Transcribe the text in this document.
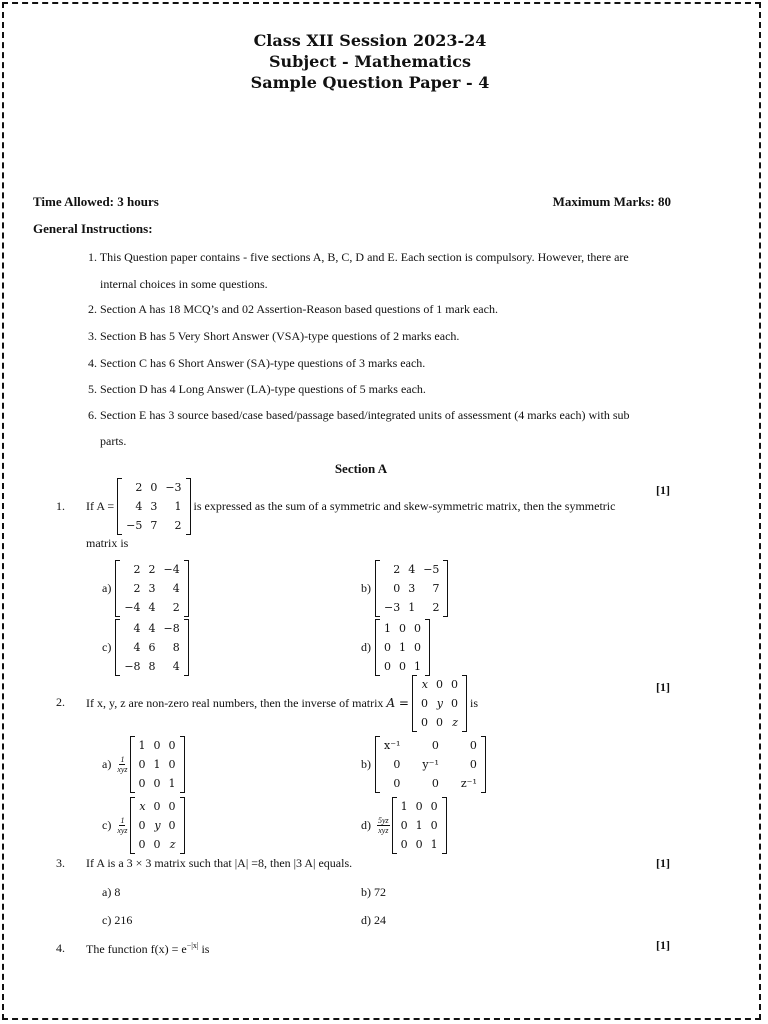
Class XII Session 2023-24
Subject - Mathematics
Sample Question Paper - 4
Time Allowed: 3 hours	Maximum Marks: 80
General Instructions:
1. This Question paper contains - five sections A, B, C, D and E. Each section is compulsory. However, there are
internal choices in some questions.
2. Section A has 18 MCQ’s and 02 Assertion-Reason based questions of 1 mark each.
3. Section B has 5 Very Short Answer (VSA)-type questions of 2 marks each.
4. Section C has 6 Short Answer (SA)-type questions of 3 marks each.
5. Section D has 4 Long Answer (LA)-type questions of 5 marks each.
6. Section E has 3 source based/case based/passage based/integrated units of assessment (4 marks each) with sub
parts.
Section A
1. If A =

2	0	−3
4	3	1
−5	7	2

is expressed as the sum of a symmetric and skew-symmetric matrix, then the symmetric
[1]
matrix is
a)
2	2	−4
2	3	4
−4	4	2
b)
2	4	−5
0	3	7
−3	1	2
c)
4	4	−8
4	6	8
−8	8	4
d)
1	0	0
0	1	0
0	0	1
2. If x, y, z are non-zero real numbers, then the inverse of matrix
A =

x	0	0
0	y	0
0	0	z

is
[1]
$a) \frac{1}{\text{xyz}}$
1	0	0
0	1	0
0	0	1
b)
x⁻¹	0	0
0	y⁻¹	0
0	0	z⁻¹
$c) \frac{1}{\text{xyz}}$
x	0	0
0	y	0
0	0	z
$d) \frac{5yz}{\text{xyz}}$
1	0	0
0	1	0
0	0	1
3. If A is a 3 × 3 matrix such that |A| =8, then |3 A| equals.	[1]
a) 8	b) 72
c) 216	d) 24
4. The function $f(x) = e^{-|x|}$ is	[1]
